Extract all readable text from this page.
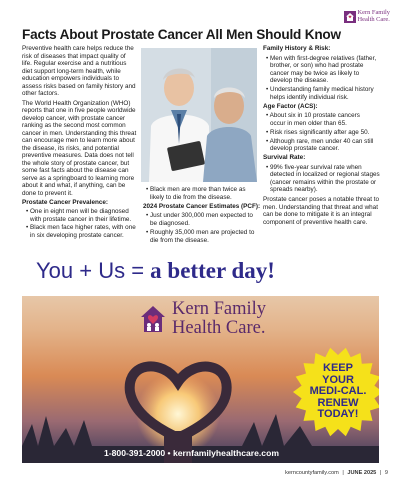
Kern Family
Health Care.
Facts About Prostate Cancer All Men Should Know
Preventive health care helps reduce the
risk of diseases that impact quality of
life. Regular exercise and a nutritious
diet support long-term health, while
education empowers individuals to
assess risks based on family history and
other factors.
The World Health Organization (WHO)
reports that one in five people worldwide
develop cancer, with prostate cancer
ranking as the second most common
cancer in men. Understanding this threat
can encourage men to learn more about
the disease, its risks, and potential
preventive measures. Data does not tell
the whole story of prostate cancer, but
some fast facts about the disease can
serve as a springboard to learning more
about it and what, if anything, can be
done to prevent it.
Prostate Cancer Prevalence:
• One in eight men will be diagnosed
with prostate cancer in their lifetime.
• Black men face higher rates, with one
in six developing prostate cancer.
• Black men are more than twice as
likely to die from the disease.
2024 Prostate Cancer Estimates (PCF):
• Just under 300,000 men expected to
be diagnosed.
• Roughly 35,000 men are projected to
die from the disease.
Family History & Risk:
• Men with first-degree relatives (father,
brother, or son) who had prostate
cancer may be twice as likely to
develop the disease.
• Understanding family medical history
helps identify individual risk.
Age Factor (ACS):
• About six in 10 prostate cancers
occur in men older than 65.
• Risk rises significantly after age 50.
• Although rare, men under 40 can still
develop prostate cancer.
Survival Rate:
• 99% five-year survival rate when
detected in localized or regional stages
(cancer remains within the prostate or
spreads nearby).
Prostate cancer poses a notable threat to
men. Understanding that threat and what
can be done to mitigate it is an integral
component of preventive health care.
You + Us = a better day!
Kern Family
Health Care.
KEEP
YOUR
MEDI-CAL.
RENEW
TODAY!
1-800-391-2000 • kernfamilyhealthcare.com
kerncountyfamily.com | JUNE 2025 | 9
